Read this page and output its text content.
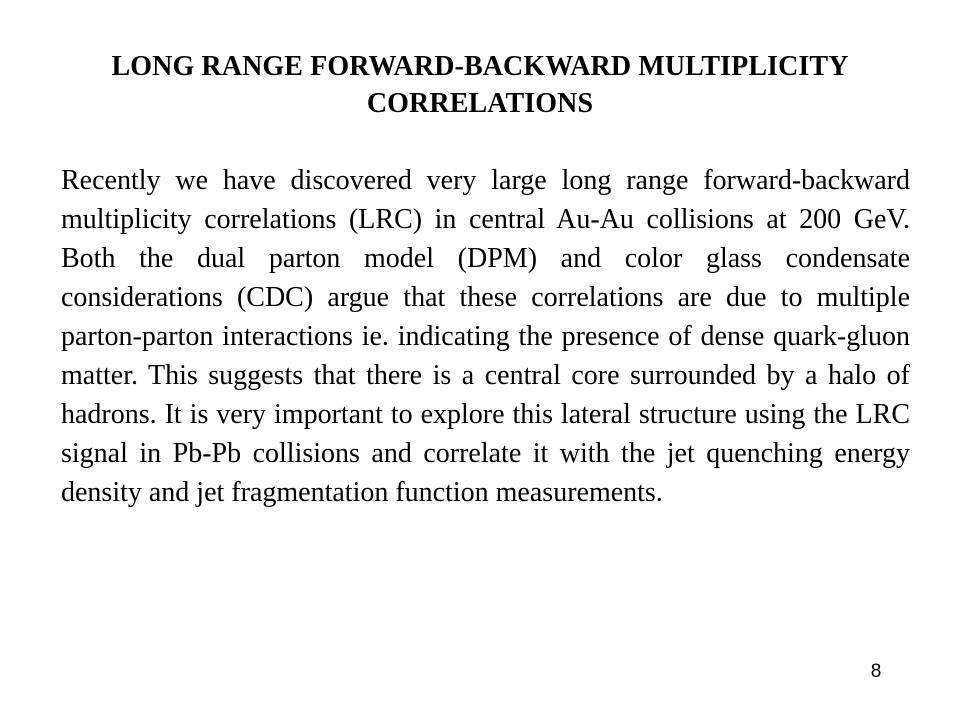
LONG RANGE FORWARD-BACKWARD MULTIPLICITY CORRELATIONS

Recently we have discovered very large long range forward-backward multiplicity correlations (LRC) in central Au-Au collisions at 200 GeV. Both the dual parton model (DPM) and color glass condensate considerations (CDC) argue that these correlations are due to multiple parton-parton interactions ie. indicating the presence of dense quark-gluon matter. This suggests that there is a central core surrounded by a halo of hadrons. It is very important to explore this lateral structure using the LRC signal in Pb-Pb collisions and correlate it with the jet quenching energy density and jet fragmentation function measurements.

8
